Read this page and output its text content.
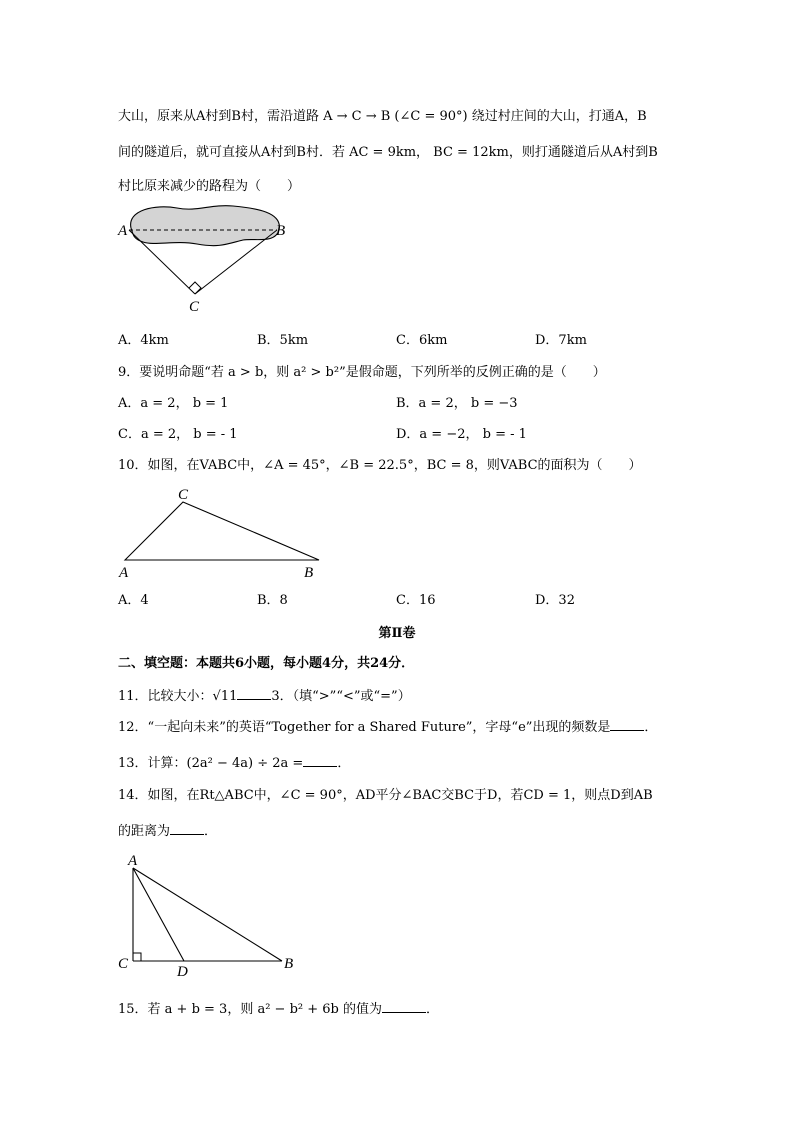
大山，原来从A村到B村，需沿道路 A → C → B (∠C = 90°) 绕过村庄间的大山，打通A，B
间的隧道后，就可直接从A村到B村．若 AC = 9km， BC = 12km，则打通隧道后从A村到B
村比原来减少的路程为（　　）
A	B
C
A．4km	B．5km	C．6km	D．7km
9．要说明命题“若 a > b，则 a² > b²”是假命题，下列所举的反例正确的是（　　）
A．a = 2， b = 1	B．a = 2， b = −3
C．a = 2， b = - 1	D．a = −2， b = - 1
10．如图，在VABC中，∠A = 45°，∠B = 22.5°，BC = 8，则VABC的面积为（　　）
A	B
C
A．4	B．8	C．16	D．32
第Ⅱ卷
二、填空题：本题共6小题，每小题4分，共24分．
11．比较大小：√11	3．（填“>”“<”或“=”）
12．“一起向未来”的英语“Together for a Shared Future”，字母“e”出现的频数是	．
13．计算：(2a² − 4a) ÷ 2a =	．
14．如图，在Rt△ABC中，∠C = 90°，AD平分∠BAC交BC于D，若CD = 1，则点D到AB
的距离为	．
A
C	D	B
15．若 a + b = 3，则 a² − b² + 6b 的值为	．
